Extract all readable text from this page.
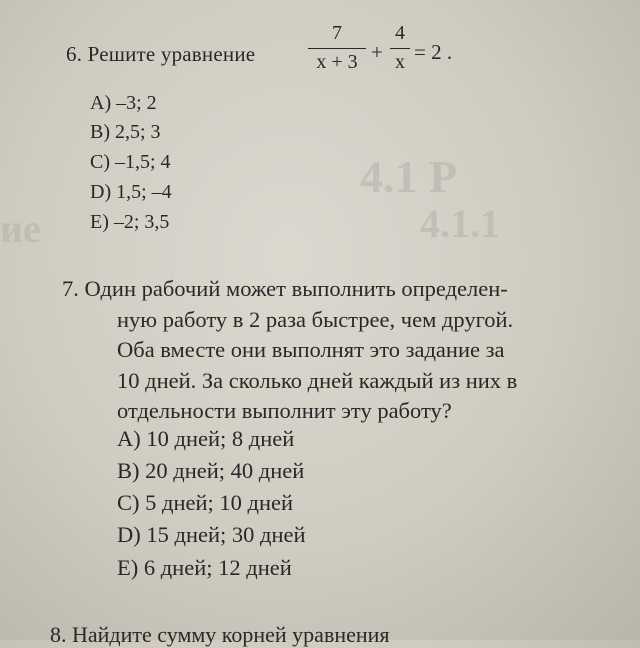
4.1 Р
4.1.1
ие
6. Решите уравнение
7
x + 3 +
4
x = 2 .
A) –3; 2
B) 2,5; 3
C) –1,5; 4
D) 1,5; –4
E) –2; 3,5

7. Один рабочий может выполнить определен-

ную работу в 2 раза быстрее, чем другой.

Оба вместе они выполнят это задание за

10 дней. За сколько дней каждый из них в

отдельности выполнит эту работу?

A) 10 дней; 8 дней
B) 20 дней; 40 дней
C) 5 дней; 10 дней
D) 15 дней; 30 дней
E) 6 дней; 12 дней
8. Найдите сумму корней уравнения
